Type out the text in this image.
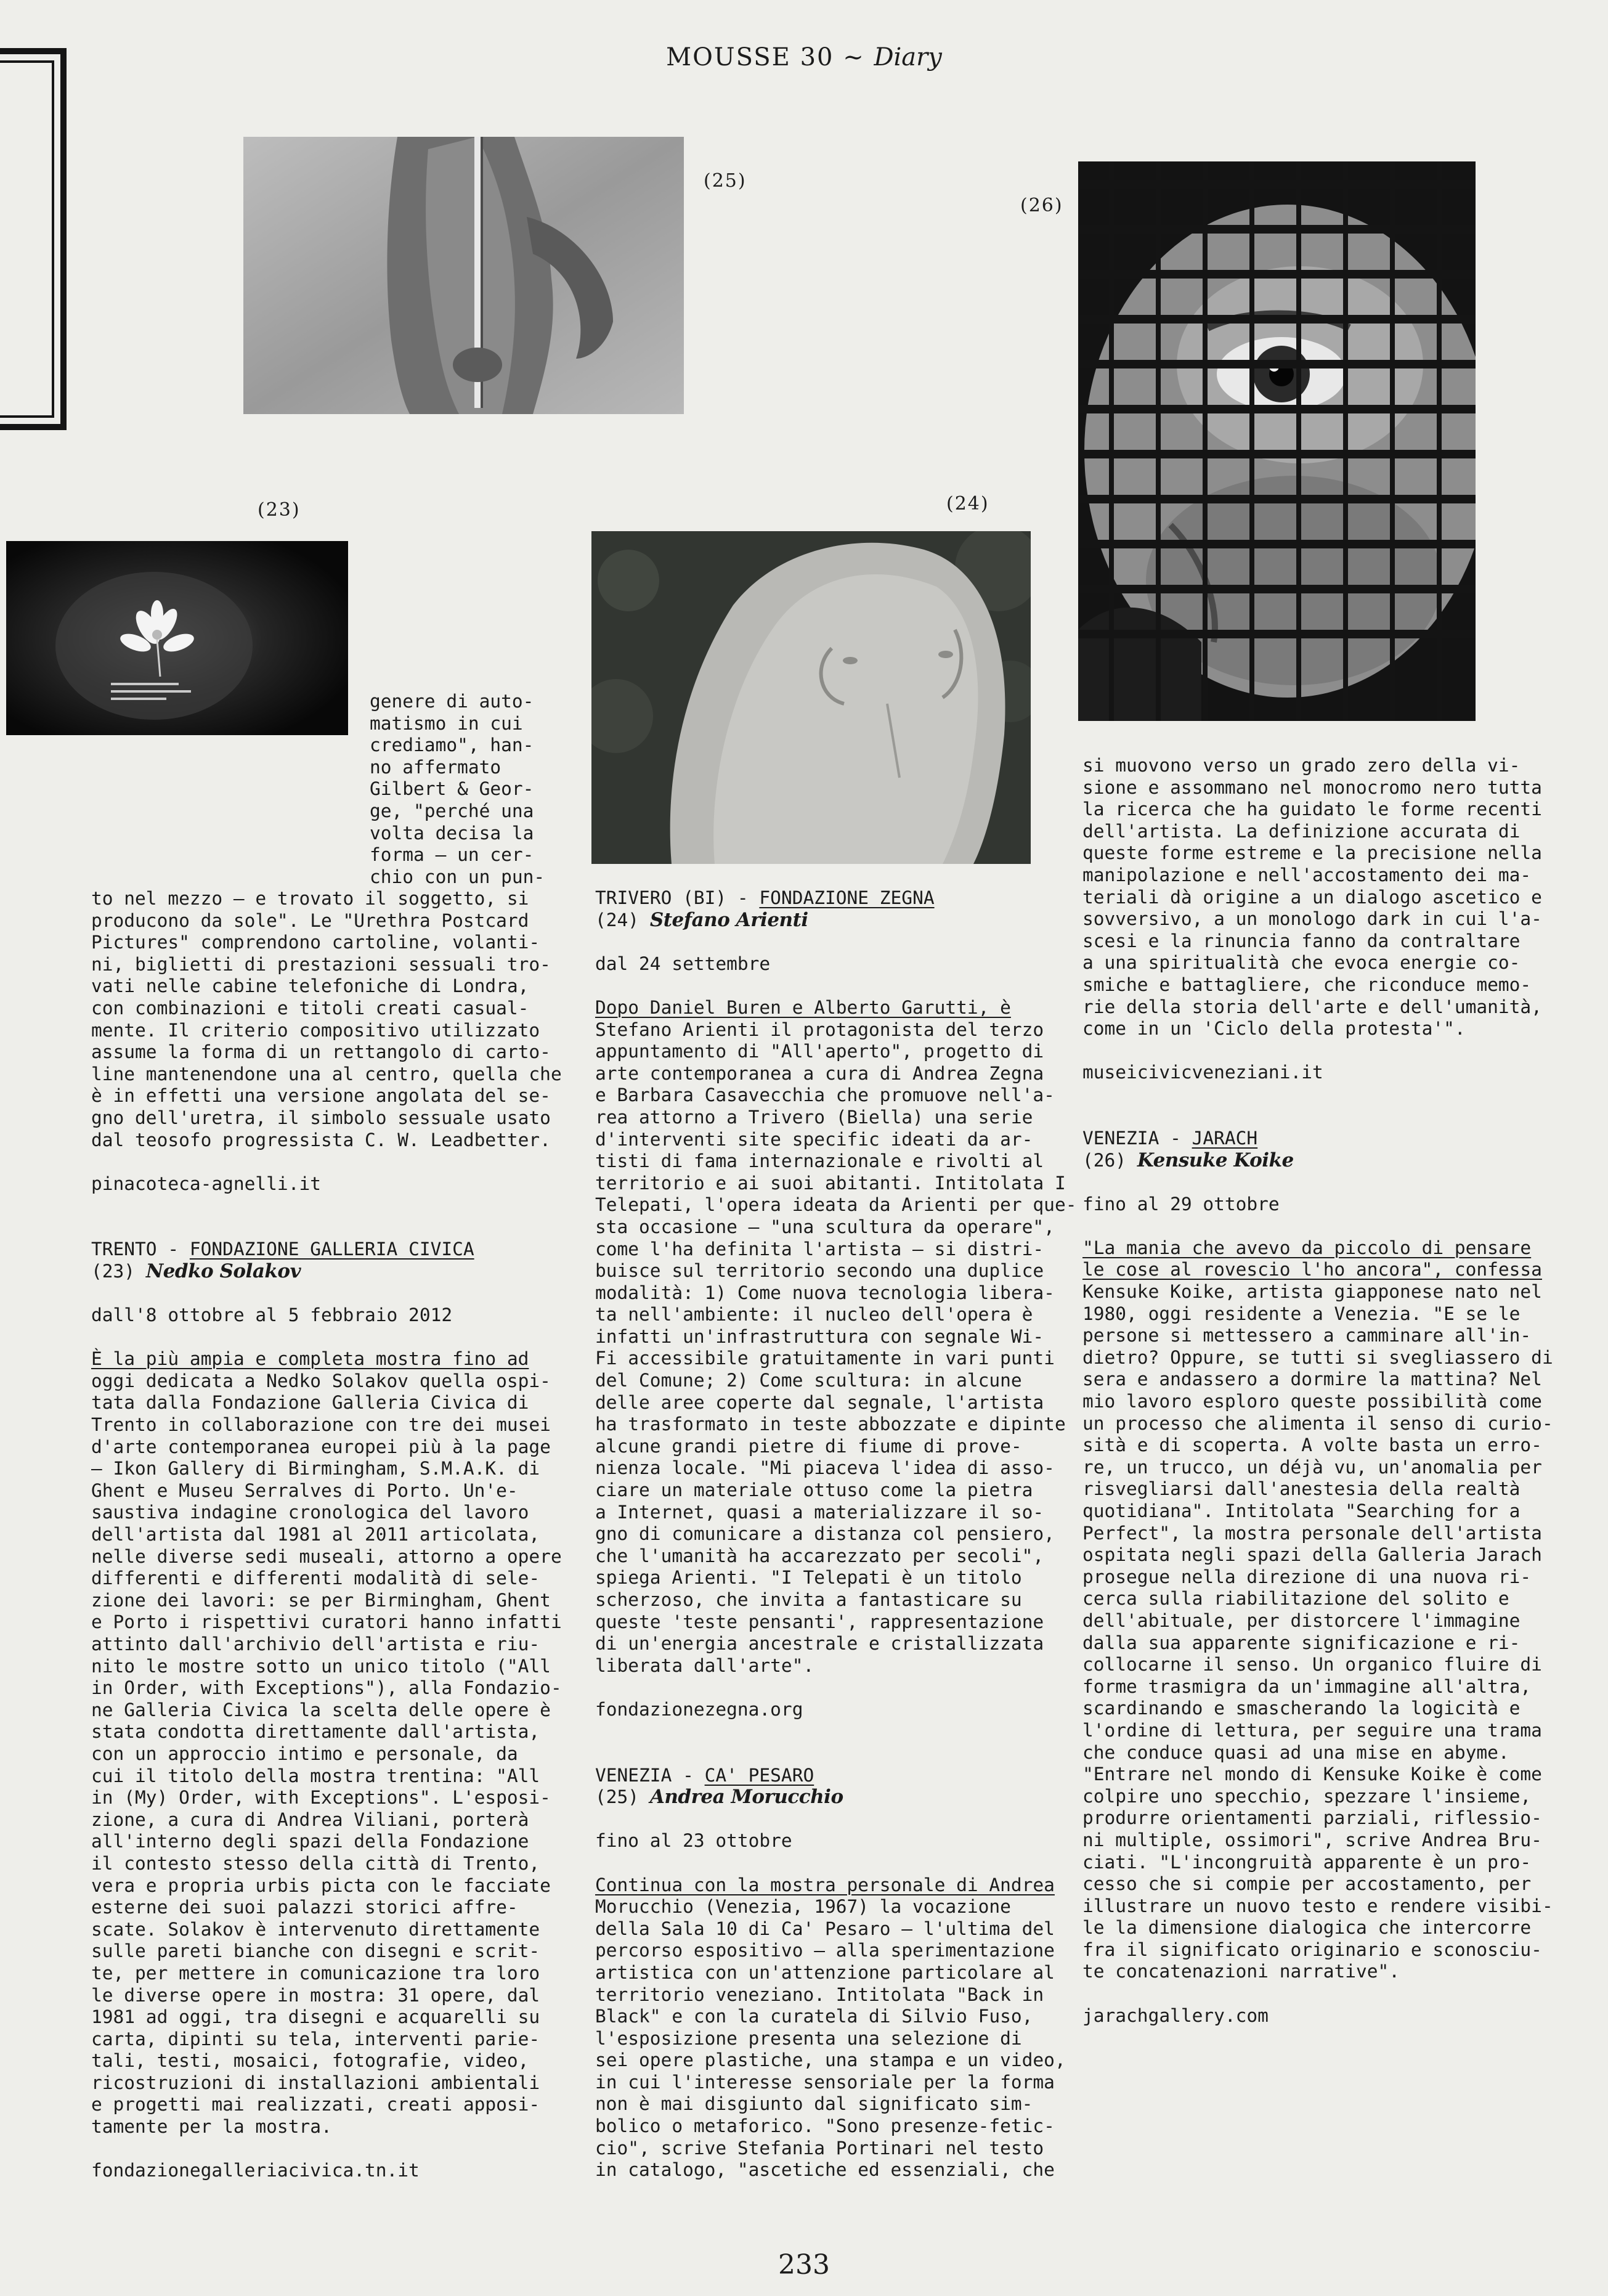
MOUSSE 30 ~ Diary
(25)
(26)
(23)	(24)

genere di auto-

matismo in cui

crediamo", han-

no affermato

Gilbert & Geor-

ge, "perché una

volta decisa la

forma — un cer-

chio con un pun-

to nel mezzo — e trovato il soggetto, si

producono da sole". Le "Urethra Postcard

Pictures" comprendono cartoline, volanti-

ni, biglietti di prestazioni sessuali tro-

vati nelle cabine telefoniche di Londra,

con combinazioni e titoli creati casual-

mente. Il criterio compositivo utilizzato

assume la forma di un rettangolo di carto-

line mantenendone una al centro, quella che

è in effetti una versione angolata del se-

gno dell'uretra, il simbolo sessuale usato

dal teosofo progressista C. W. Leadbetter.

pinacoteca-agnelli.it

TRENTO - FONDAZIONE GALLERIA CIVICA

(23) Nedko Solakov

dall'8 ottobre al 5 febbraio 2012

È la più ampia e completa mostra fino ad

oggi dedicata a Nedko Solakov quella ospi-

tata dalla Fondazione Galleria Civica di

Trento in collaborazione con tre dei musei

d'arte contemporanea europei più à la page

– Ikon Gallery di Birmingham, S.M.A.K. di

Ghent e Museu Serralves di Porto. Un'e-

saustiva indagine cronologica del lavoro

dell'artista dal 1981 al 2011 articolata,

nelle diverse sedi museali, attorno a opere

differenti e differenti modalità di sele-

zione dei lavori: se per Birmingham, Ghent

e Porto i rispettivi curatori hanno infatti

attinto dall'archivio dell'artista e riu-

nito le mostre sotto un unico titolo ("All

in Order, with Exceptions"), alla Fondazio-

ne Galleria Civica la scelta delle opere è

stata condotta direttamente dall'artista,

con un approccio intimo e personale, da

cui il titolo della mostra trentina: "All

in (My) Order, with Exceptions". L'esposi-

zione, a cura di Andrea Viliani, porterà

all'interno degli spazi della Fondazione

il contesto stesso della città di Trento,

vera e propria urbis picta con le facciate

esterne dei suoi palazzi storici affre-

scate. Solakov è intervenuto direttamente

sulle pareti bianche con disegni e scrit-

te, per mettere in comunicazione tra loro

le diverse opere in mostra: 31 opere, dal

1981 ad oggi, tra disegni e acquarelli su

carta, dipinti su tela, interventi parie-

tali, testi, mosaici, fotografie, video,

ricostruzioni di installazioni ambientali

e progetti mai realizzati, creati apposi-

tamente per la mostra.

fondazionegalleriacivica.tn.it

TRIVERO (BI) - FONDAZIONE ZEGNA

(24) Stefano Arienti

dal 24 settembre

Dopo Daniel Buren e Alberto Garutti, è

Stefano Arienti il protagonista del terzo

appuntamento di "All'aperto", progetto di

arte contemporanea a cura di Andrea Zegna

e Barbara Casavecchia che promuove nell'a-

rea attorno a Trivero (Biella) una serie

d'interventi site specific ideati da ar-

tisti di fama internazionale e rivolti al

territorio e ai suoi abitanti. Intitolata I

Telepati, l'opera ideata da Arienti per que-

sta occasione — "una scultura da operare",

come l'ha definita l'artista — si distri-

buisce sul territorio secondo una duplice

modalità: 1) Come nuova tecnologia libera-

ta nell'ambiente: il nucleo dell'opera è

infatti un'infrastruttura con segnale Wi-

Fi accessibile gratuitamente in vari punti

del Comune; 2) Come scultura: in alcune

delle aree coperte dal segnale, l'artista

ha trasformato in teste abbozzate e dipinte

alcune grandi pietre di fiume di prove-

nienza locale. "Mi piaceva l'idea di asso-

ciare un materiale ottuso come la pietra

a Internet, quasi a materializzare il so-

gno di comunicare a distanza col pensiero,

che l'umanità ha accarezzato per secoli",

spiega Arienti. "I Telepati è un titolo

scherzoso, che invita a fantasticare su

queste 'teste pensanti', rappresentazione

di un'energia ancestrale e cristallizzata

liberata dall'arte".

fondazionezegna.org

VENEZIA - CA' PESARO

(25) Andrea Morucchio

fino al 23 ottobre

Continua con la mostra personale di Andrea

Morucchio (Venezia, 1967) la vocazione

della Sala 10 di Ca' Pesaro — l'ultima del

percorso espositivo — alla sperimentazione

artistica con un'attenzione particolare al

territorio veneziano. Intitolata "Back in

Black" e con la curatela di Silvio Fuso,

l'esposizione presenta una selezione di

sei opere plastiche, una stampa e un video,

in cui l'interesse sensoriale per la forma

non è mai disgiunto dal significato sim-

bolico o metaforico. "Sono presenze-fetic-

cio", scrive Stefania Portinari nel testo

in catalogo, "ascetiche ed essenziali, che

si muovono verso un grado zero della vi-

sione e assommano nel monocromo nero tutta

la ricerca che ha guidato le forme recenti

dell'artista. La definizione accurata di

queste forme estreme e la precisione nella

manipolazione e nell'accostamento dei ma-

teriali dà origine a un dialogo ascetico e

sovversivo, a un monologo dark in cui l'a-

scesi e la rinuncia fanno da contraltare

a una spiritualità che evoca energie co-

smiche e battagliere, che riconduce memo-

rie della storia dell'arte e dell'umanità,

come in un 'Ciclo della protesta'".

museicivicveneziani.it

VENEZIA - JARACH

(26) Kensuke Koike

fino al 29 ottobre

"La mania che avevo da piccolo di pensare

le cose al rovescio l'ho ancora", confessa

Kensuke Koike, artista giapponese nato nel

1980, oggi residente a Venezia. "E se le

persone si mettessero a camminare all'in-

dietro? Oppure, se tutti si svegliassero di

sera e andassero a dormire la mattina? Nel

mio lavoro esploro queste possibilità come

un processo che alimenta il senso di curio-

sità e di scoperta. A volte basta un erro-

re, un trucco, un déjà vu, un'anomalia per

risvegliarsi dall'anestesia della realtà

quotidiana". Intitolata "Searching for a

Perfect", la mostra personale dell'artista

ospitata negli spazi della Galleria Jarach

prosegue nella direzione di una nuova ri-

cerca sulla riabilitazione del solito e

dell'abituale, per distorcere l'immagine

dalla sua apparente significazione e ri-

collocarne il senso. Un organico fluire di

forme trasmigra da un'immagine all'altra,

scardinando e smascherando la logicità e

l'ordine di lettura, per seguire una trama

che conduce quasi ad una mise en abyme.

"Entrare nel mondo di Kensuke Koike è come

colpire uno specchio, spezzare l'insieme,

produrre orientamenti parziali, riflessio-

ni multiple, ossimori", scrive Andrea Bru-

ciati. "L'incongruità apparente è un pro-

cesso che si compie per accostamento, per

illustrare un nuovo testo e rendere visibi-

le la dimensione dialogica che intercorre

fra il significato originario e sconosciu-

te concatenazioni narrative".

jarachgallery.com

233
